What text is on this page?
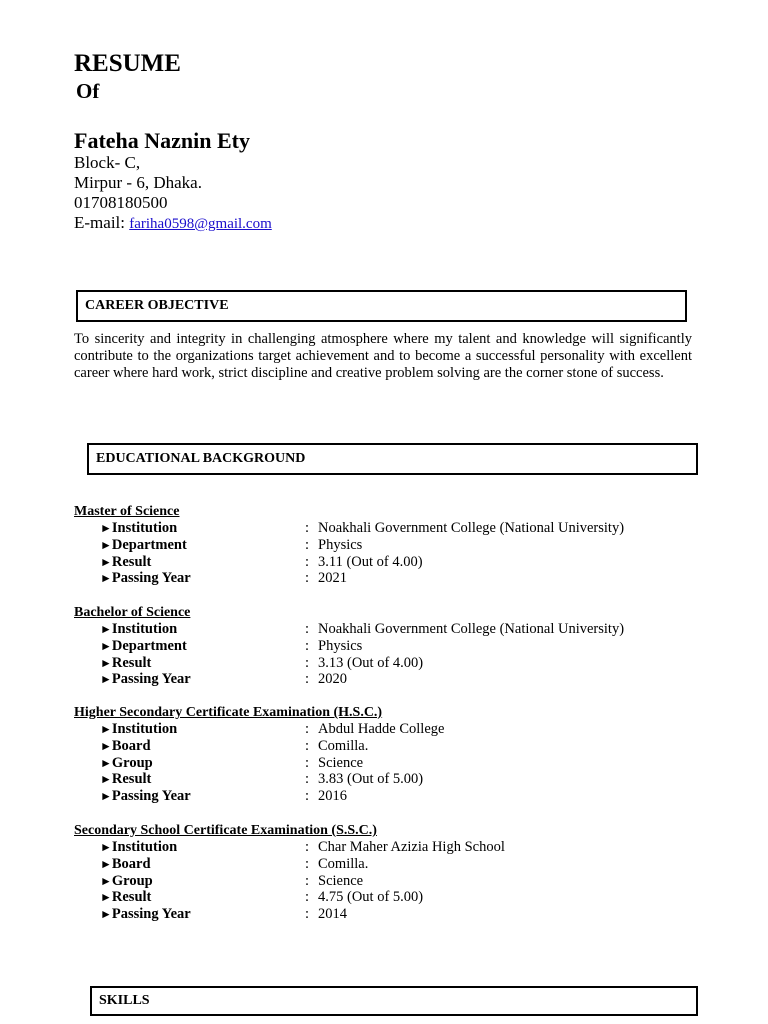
RESUME
Of
Fateha Naznin Ety
Block- C,
Mirpur - 6, Dhaka.
01708180500
E-mail: fariha0598@gmail.com
CAREER OBJECTIVE
To sincerity and integrity in challenging atmosphere where my talent and knowledge will significantly contribute to the organizations target achievement and to become a successful personality with excellent career where hard work, strict discipline and creative problem solving are the corner stone of success.
EDUCATIONAL BACKGROUND
Master of Science
►Institution	: Noakhali Government College (National University)
►Department	: Physics
►Result	: 3.11 (Out of 4.00)
►Passing Year	: 2021
Bachelor of Science
►Institution	: Noakhali Government College (National University)
►Department	: Physics
►Result	: 3.13 (Out of 4.00)
►Passing Year	: 2020
Higher Secondary Certificate Examination (H.S.C.)
►Institution	: Abdul Hadde College
►Board	: Comilla.
►Group	: Science
►Result	: 3.83 (Out of 5.00)
►Passing Year	: 2016
Secondary School Certificate Examination (S.S.C.)
►Institution	: Char Maher Azizia High School
►Board	: Comilla.
►Group	: Science
►Result	: 4.75 (Out of 5.00)
►Passing Year	: 2014
SKILLS
